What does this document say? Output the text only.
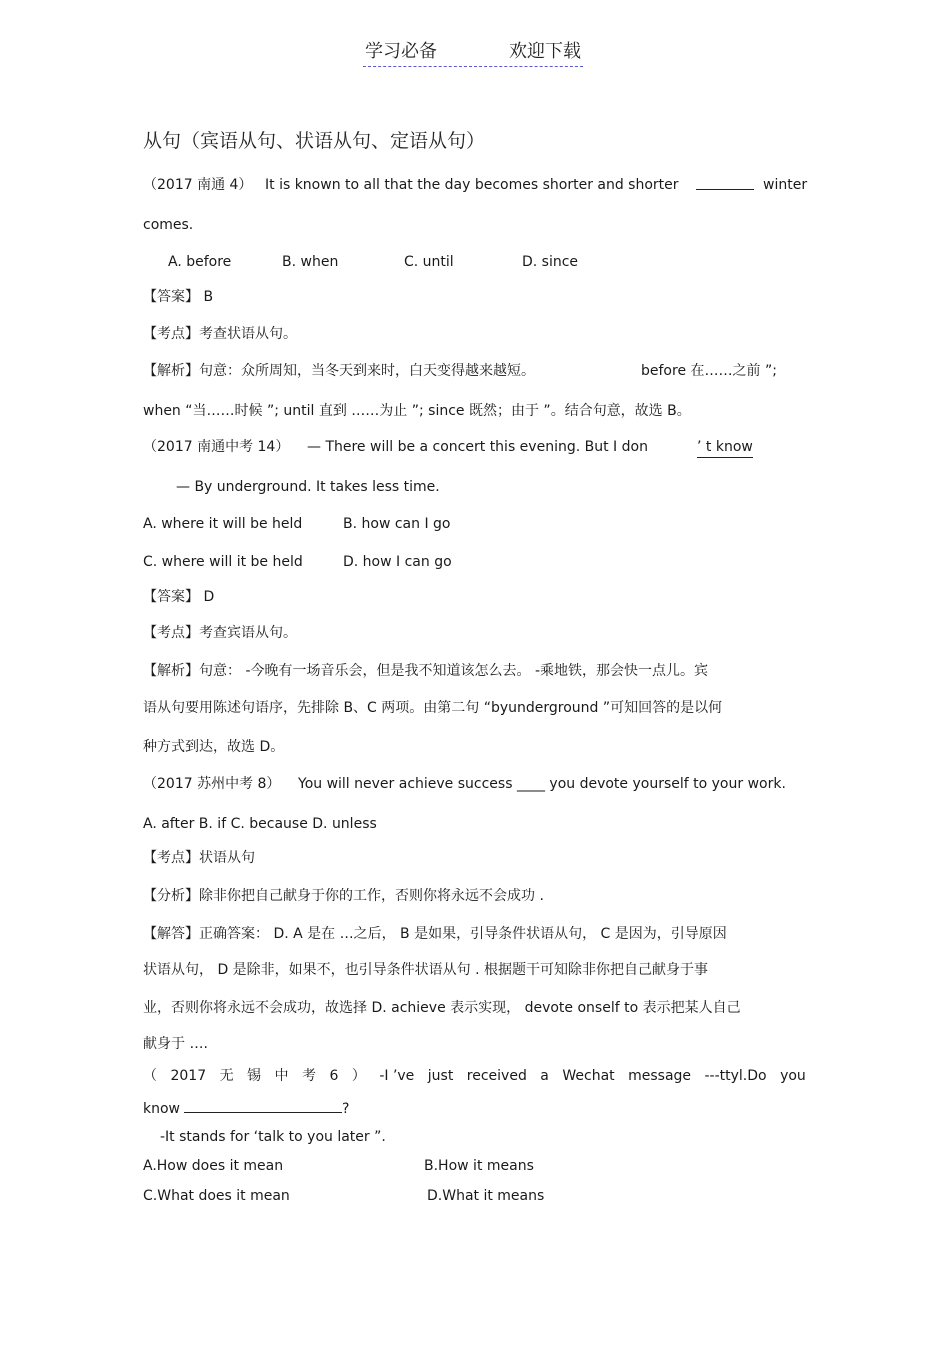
学习必备	欢迎下载
从句（宾语从句、状语从句、定语从句）
（2017 南通 4） It is known to all that the day becomes shorter and shorter	winter
comes.
A. before	B. when	C. until	D. since
【答案】 B
【考点】考查状语从句。
【解析】句意：众所周知，当冬天到来时，白天变得越来越短。	before 在……之前 ”;
when “当……时候 ”; until 直到 ……为止 ”; since 既然；由于 ”。结合句意，故选 B。
（2017 南通中考 14） — There will be a concert this evening. But I don	’ t know
— By underground. It takes less time.
A. where it will be held	B. how can I go
C. where will it be held	D. how I can go
【答案】 D
【考点】考查宾语从句。
【解析】句意： -今晚有一场音乐会，但是我不知道该怎么去。 -乘地铁，那会快一点儿。宾
语从句要用陈述句语序，先排除 B、C 两项。由第二句 “byunderground ”可知回答的是以何
种方式到达，故选 D。
（2017 苏州中考 8） You will never achieve success ____ you devote yourself to your work.
A. after B. if C. because D. unless
【考点】状语从句
【分析】除非你把自己献身于你的工作，否则你将永远不会成功 .
【解答】正确答案： D. A 是在 …之后， B 是如果，引导条件状语从句， C 是因为，引导原因
状语从句， D 是除非，如果不，也引导条件状语从句 . 根据题干可知除非你把自己献身于事
业，否则你将永远不会成功，故选择 D. achieve 表示实现， devote onself to 表示把某人自己
献身于 ….
（ 2017 无 锡 中 考 6 ） -I ’ve just received a Wechat message ---ttyl.Do you
know	?
-It stands for ‘talk to you later ”.
A.How does it mean	B.How it means
C.What does it mean	D.What it means
